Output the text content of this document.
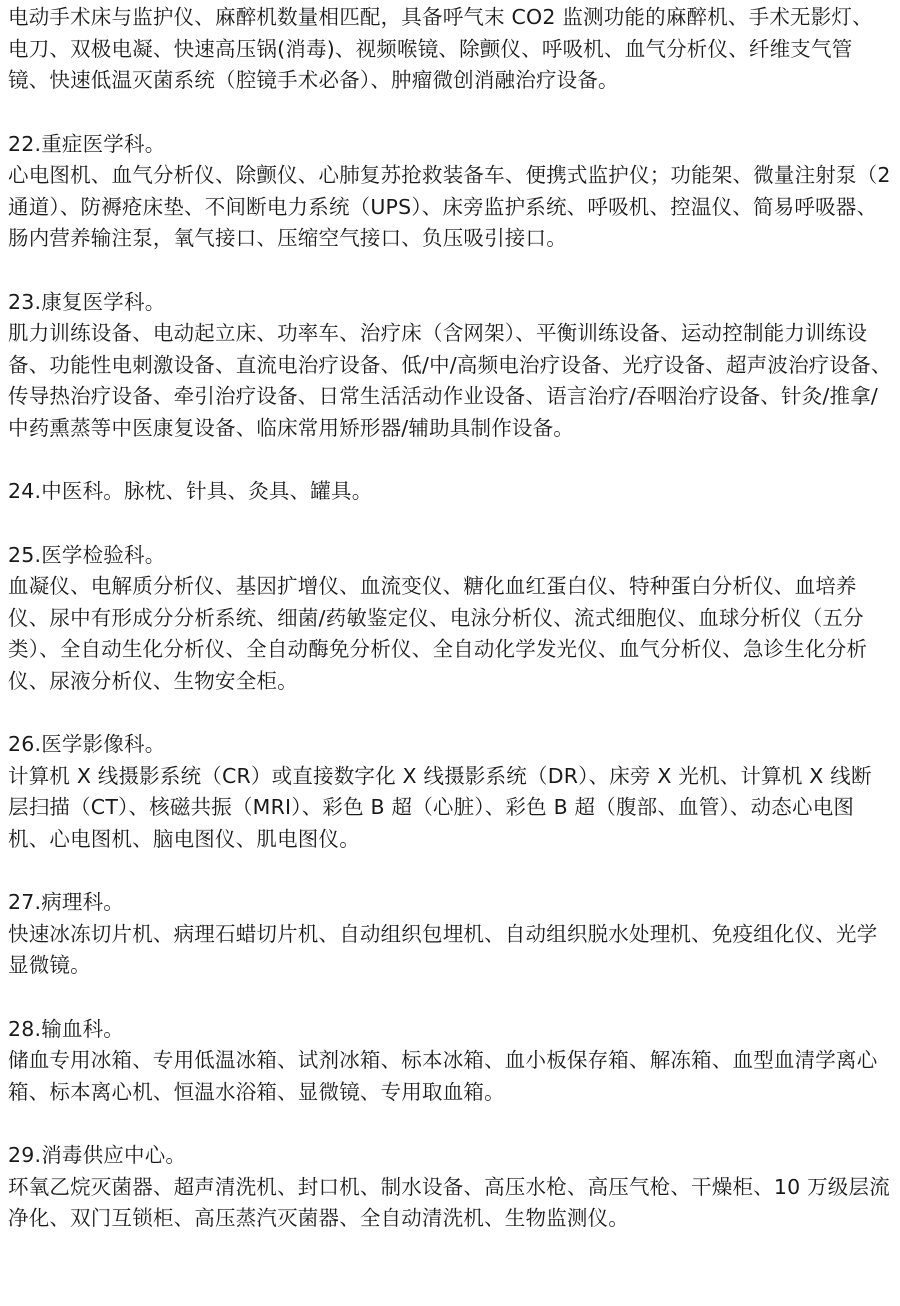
电动手术床与监护仪、麻醉机数量相匹配，具备呼气末 CO2 监测功能的麻醉机、手术无影灯、电刀、双极电凝、快速高压锅(消毒)、视频喉镜、除颤仪、呼吸机、血气分析仪、纤维支气管镜、快速低温灭菌系统（腔镜手术必备）、肿瘤微创消融治疗设备。

22.重症医学科。

心电图机、血气分析仪、除颤仪、心肺复苏抢救装备车、便携式监护仪；功能架、微量注射泵（2 通道）、防褥疮床垫、不间断电力系统（UPS）、床旁监护系统、呼吸机、控温仪、简易呼吸器、肠内营养输注泵，氧气接口、压缩空气接口、负压吸引接口。

23.康复医学科。

肌力训练设备、电动起立床、功率车、治疗床（含网架）、平衡训练设备、运动控制能力训练设备、功能性电刺激设备、直流电治疗设备、低/中/高频电治疗设备、光疗设备、超声波治疗设备、传导热治疗设备、牵引治疗设备、日常生活活动作业设备、语言治疗/吞咽治疗设备、针灸/推拿/中药熏蒸等中医康复设备、临床常用矫形器/辅助具制作设备。

24.中医科。脉枕、针具、灸具、罐具。

25.医学检验科。

血凝仪、电解质分析仪、基因扩增仪、血流变仪、糖化血红蛋白仪、特种蛋白分析仪、血培养仪、尿中有形成分分析系统、细菌/药敏鉴定仪、电泳分析仪、流式细胞仪、血球分析仪（五分类）、全自动生化分析仪、全自动酶免分析仪、全自动化学发光仪、血气分析仪、急诊生化分析仪、尿液分析仪、生物安全柜。

26.医学影像科。

计算机 X 线摄影系统（CR）或直接数字化 X 线摄影系统（DR）、床旁 X 光机、计算机 X 线断层扫描（CT）、核磁共振（MRI）、彩色 B 超（心脏）、彩色 B 超（腹部、血管）、动态心电图机、心电图机、脑电图仪、肌电图仪。

27.病理科。

快速冰冻切片机、病理石蜡切片机、自动组织包埋机、自动组织脱水处理机、免疫组化仪、光学显微镜。

28.输血科。

储血专用冰箱、专用低温冰箱、试剂冰箱、标本冰箱、血小板保存箱、解冻箱、血型血清学离心箱、标本离心机、恒温水浴箱、显微镜、专用取血箱。

29.消毒供应中心。

环氧乙烷灭菌器、超声清洗机、封口机、制水设备、高压水枪、高压气枪、干燥柜、10 万级层流净化、双门互锁柜、高压蒸汽灭菌器、全自动清洗机、生物监测仪。
